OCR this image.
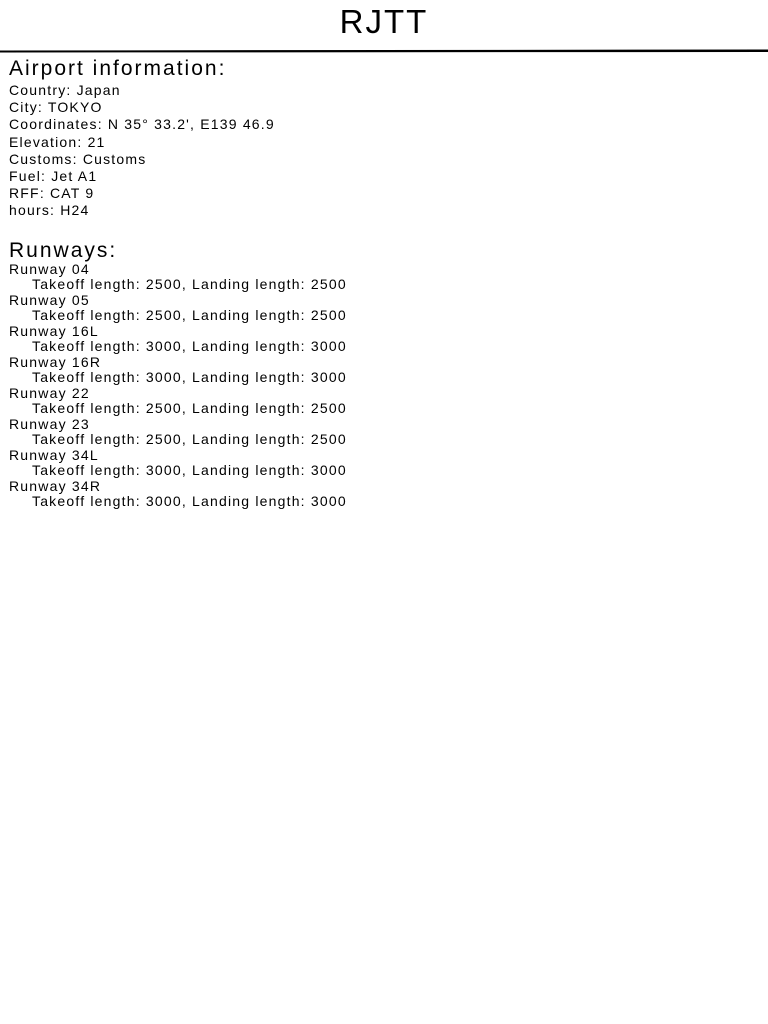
RJTT
Airport information:
Country: Japan
City: TOKYO
Coordinates: N 35° 33.2', E139 46.9
Elevation: 21
Customs: Customs
Fuel: Jet A1
RFF: CAT 9
hours: H24
Runways:
Runway 04
Takeoff length: 2500, Landing length: 2500
Runway 05
Takeoff length: 2500, Landing length: 2500
Runway 16L
Takeoff length: 3000, Landing length: 3000
Runway 16R
Takeoff length: 3000, Landing length: 3000
Runway 22
Takeoff length: 2500, Landing length: 2500
Runway 23
Takeoff length: 2500, Landing length: 2500
Runway 34L
Takeoff length: 3000, Landing length: 3000
Runway 34R
Takeoff length: 3000, Landing length: 3000
